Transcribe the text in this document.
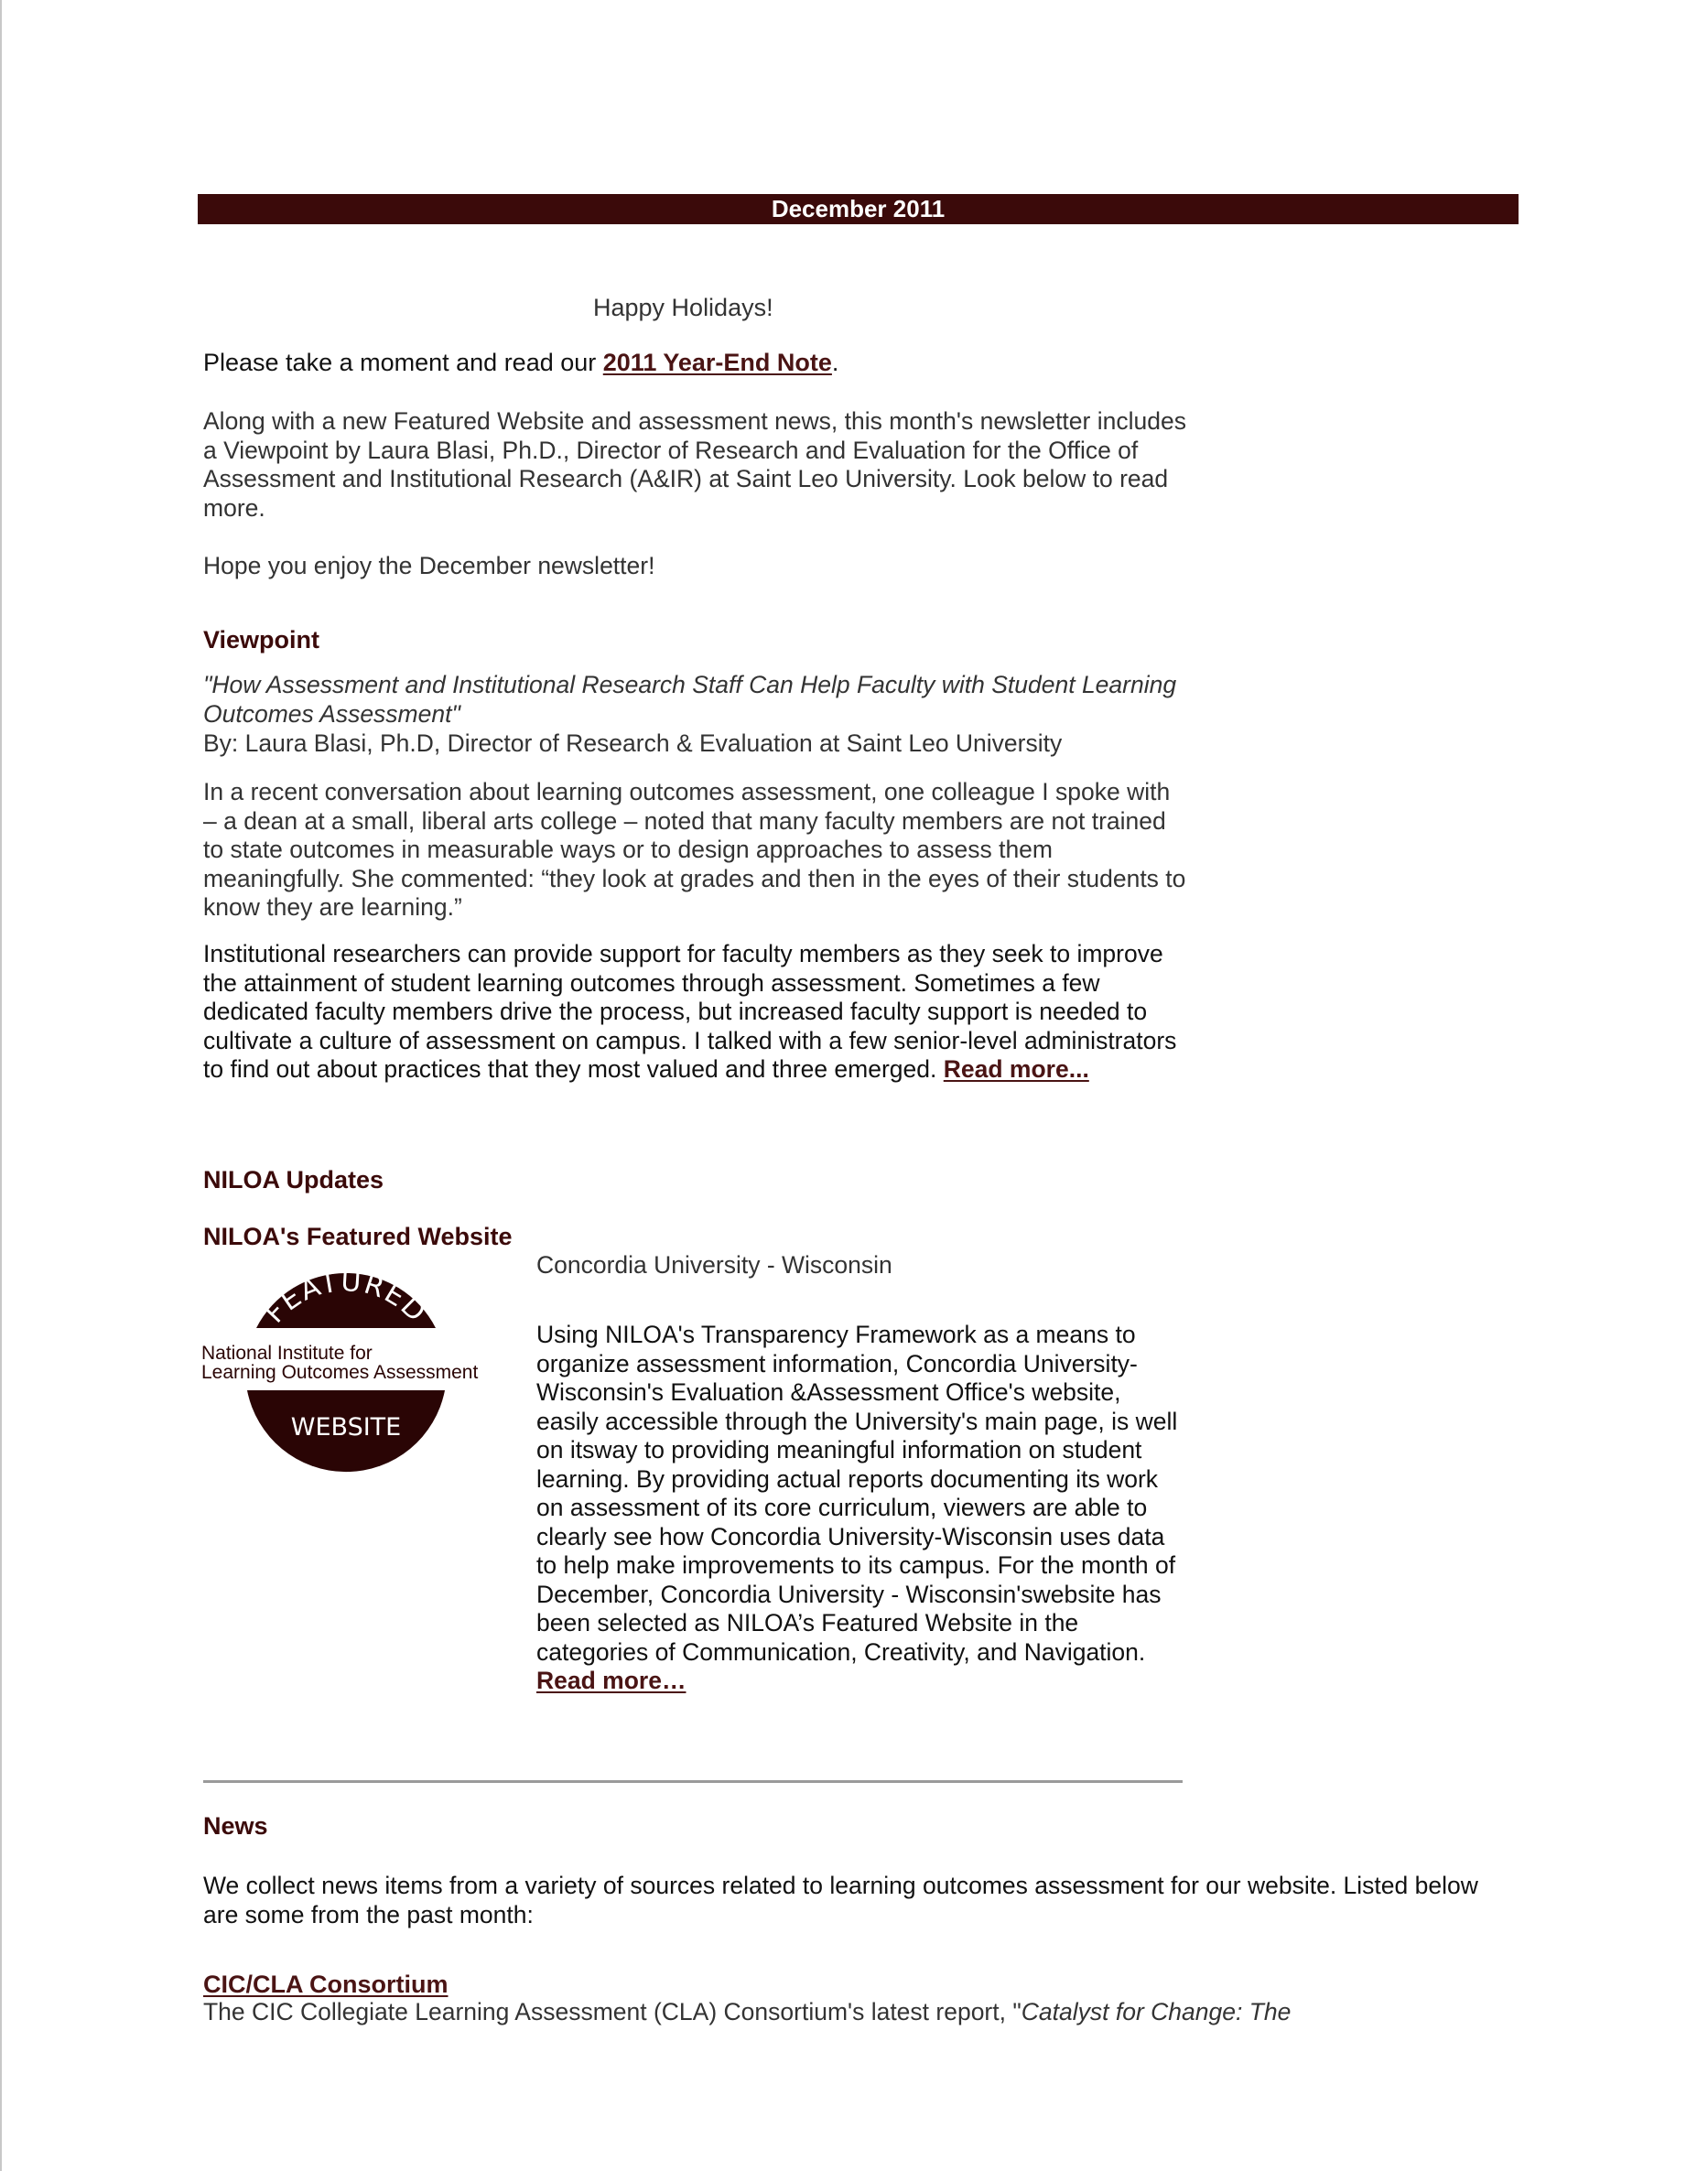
December 2011
Happy Holidays!

Please take a moment and read our 2011 Year-End Note.

Along with a new Featured Website and assessment news, this month's newsletter includes a Viewpoint by Laura Blasi, Ph.D., Director of Research and Evaluation for the Office of Assessment and Institutional Research (A&IR) at Saint Leo University. Look below to read more.

Hope you enjoy the December newsletter!

Viewpoint

"How Assessment and Institutional Research Staff Can Help Faculty with Student Learning Outcomes Assessment"

By: Laura Blasi, Ph.D, Director of Research & Evaluation at Saint Leo University

In a recent conversation about learning outcomes assessment, one colleague I spoke with – a dean at a small, liberal arts college – noted that many faculty members are not trained to state outcomes in measurable ways or to design approaches to assess them meaningfully. She commented: “they look at grades and then in the eyes of their students to know they are learning.”

Institutional researchers can provide support for faculty members as they seek to improve the attainment of student learning outcomes through assessment. Sometimes a few dedicated faculty members drive the process, but increased faculty support is needed to cultivate a culture of assessment on campus. I talked with a few senior-level administrators to find out about practices that they most valued and three emerged. Read more...

NILOA Updates
NILOA's Featured Website
FEATURED
National Institute for
Learning Outcomes Assessment
WEBSITE

Concordia University - Wisconsin

Using NILOA's Transparency Framework as a means to organize assessment information, Concordia University-Wisconsin's Evaluation &Assessment Office's website, easily accessible through the University's main page, is well on itsway to providing meaningful information on student learning. By providing actual reports documenting its work on assessment of its core curriculum, viewers are able to clearly see how Concordia University-Wisconsin uses data to help make improvements to its campus. For the month of December, Concordia University - Wisconsin'swebsite has been selected as NILOA’s Featured Website in the categories of Communication, Creativity, and Navigation. Read more…

News

We collect news items from a variety of sources related to learning outcomes assessment for our website. Listed below are some from the past month:

CIC/CLA Consortium

The CIC Collegiate Learning Assessment (CLA) Consortium's latest report, "Catalyst for Change: The
